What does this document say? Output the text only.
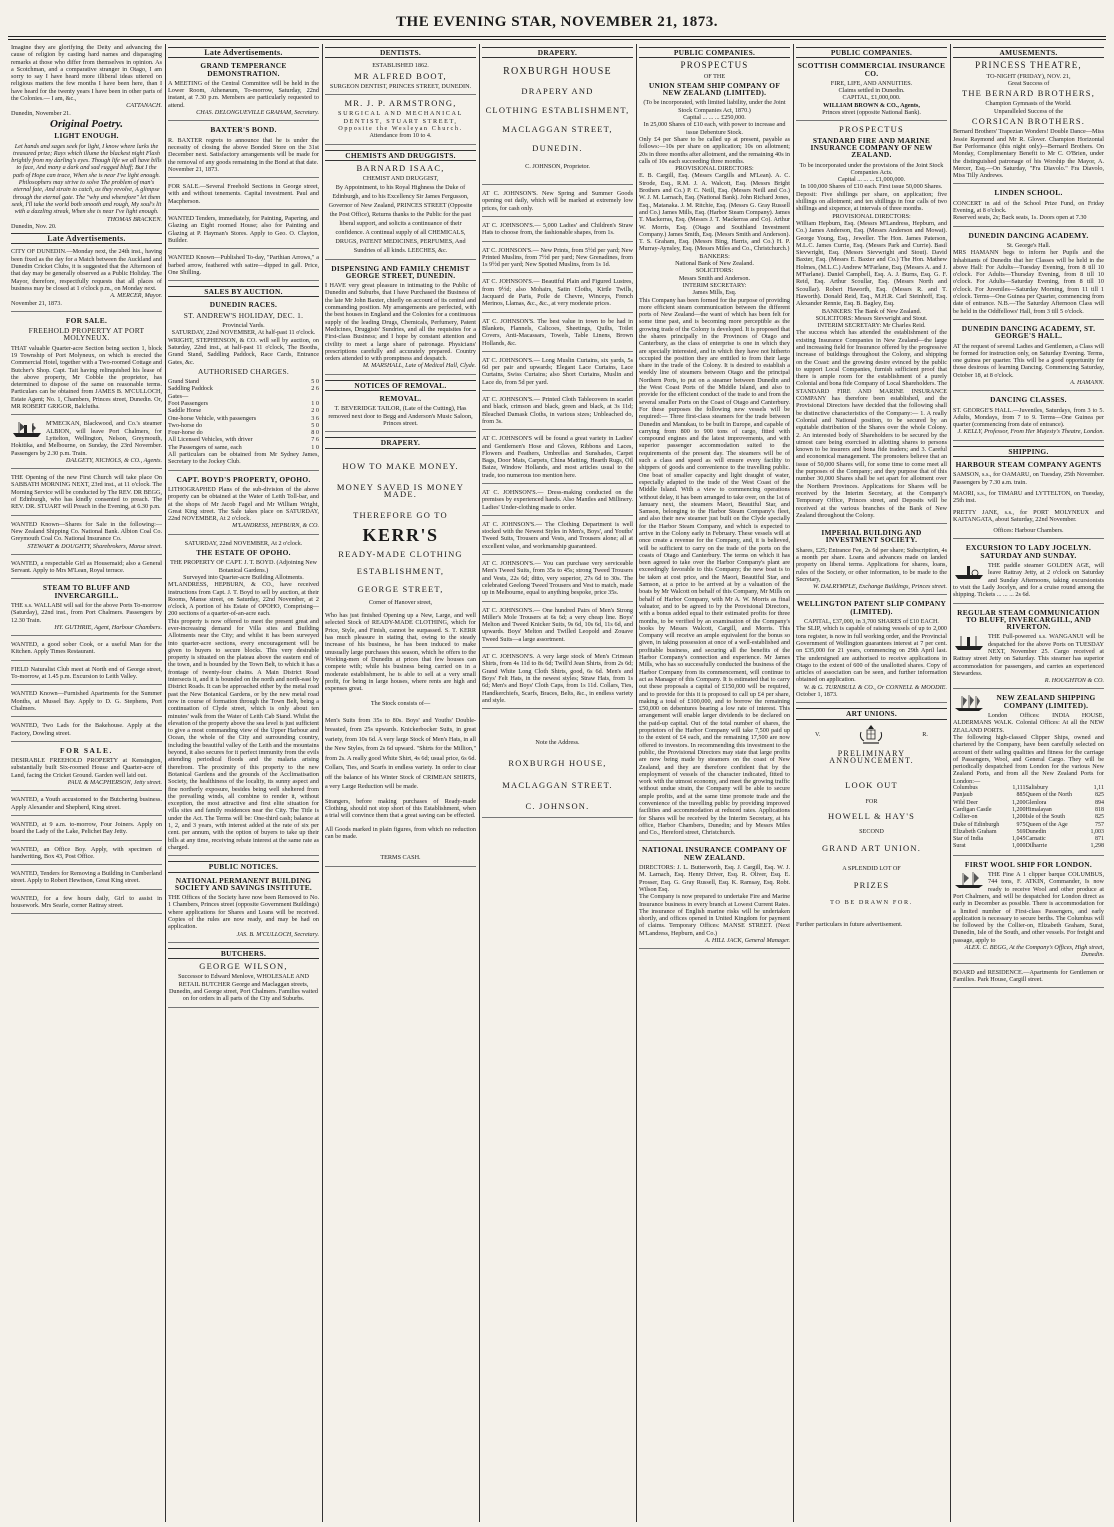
THE EVENING STAR, NOVEMBER 21, 1873.

Imagine they are glorifying the Deity and advancing the cause of religion by casting hard names and disparaging remarks at those who differ from themselves in opinion. As a Scotchman, and a comparative stranger in Otago, I am sorry to say I have heard more illiberal ideas uttered on religious matters the few months I have been here, than I have heard for the twenty years I have been in other parts of the Colonies.— I am, &c.,

CATTANACH.

Dunedin, November 21.

Original Poetry.
LIGHT ENOUGH.

Let hands and sages seek for light, I know where lurks the treasured prize; Rays which illume the blackest night Flash brightly from my darling's eyes. Though life we all have bills to face, And many a dark and sad rugged bluff; But I the path of Hope can trace, When she is near I've light enough. Philosophers may strive to solve The problem of man's eternal fate, And strain to catch, as they revolve, A glimpse through the eternal gate. The "why and wherefore" let them seek, I'll take the world both smooth and rough, My soul's lit with a dazzling streak, When she is near I've light enough.

THOMAS BRACKEN.

Dunedin, Nov. 20.

Late Advertisements.

CITY OF DUNEDIN.—Monday next, the 24th inst., having been fixed as the day for a Match between the Auckland and Dunedin Cricket Clubs, it is suggested that the Afternoon of that day may be generally observed as a Public Holiday. The Mayor, therefore, respectfully requests that all places of business may be closed at 1 o'clock p.m., on Monday next.

A. MERCER, Mayor.

November 21, 1873.

FOR SALE.
FREEHOLD PROPERTY AT PORT MOLYNEUX.

THAT valuable Quarter-acre Section being section 1, block 19 Township of Port Molyneux, on which is erected the Commercial Hotel, together with a Two-roomed Cottage and Butcher's Shop. Capt. Tait having relinquished his lease of the above property, Mr Cobble the proprietor, has determined to dispose of the same on reasonable terms. Particulars can be obtained from JAMES B. M'CULLOCH, Estate Agent; No. 1, Chambers, Princes street, Dunedin. Or, MR ROBERT GRIGOR, Balclutha.

M'MECKAN, Blackwood, and Co.'s steamer ALBION, will leave Port Chalmers, for Lyttelton, Wellington, Nelson, Greymouth, Hokitika, and Melbourne, on Sunday, the 23rd November. Passengers by 2.30 p.m. Train.

DALGETY, NICHOLS, & CO., Agents.

THE Opening of the new First Church will take place On SABBATH MORNING NEXT, 23rd inst., at 11 o'clock. The Morning Service will be conducted by The REV. DR BEGG, of Edinburgh, who has kindly consented to preach. The REV. DR. STUART will Preach in the Evening, at 6.30 p.m.

WANTED Known—Shares for Sale in the following:— New Zealand Shipping Co. National Bank. Albion Coal Co. Greymouth Coal Co. National Insurance Co.

STEWART & DOUGHTY, Sharebrokers, Manse street.

WANTED, a respectable Girl as Housemaid; also a General Servant. Apply to Mrs M'Lean, Royal terrace.

STEAM TO BLUFF AND INVERCARGILL.

THE s.s. WALLABI will sail for the above Ports To-morrow (Saturday), 22nd inst., from Port Chalmers. Passengers by 12.30 Train.

HY. GUTHRIE, Agent, Harbour Chambers.

WANTED, a good sober Cook, or a useful Man for the Kitchen. Apply Times Restaurant.

FIELD Naturalist Club meet at North end of George street, To-morrow, at 1.45 p.m. Excursion to Leith Valley.

WANTED Known—Furnished Apartments for the Summer Months, at Mussel Bay. Apply to D. G. Stephens, Port Chalmers.

WANTED, Two Lads for the Bakehouse. Apply at the Factory, Dowling street.

FOR SALE.

DESIRABLE FREEHOLD PROPERTY at Kensington, substantially built Six-roomed House and Quarter-acre of Land, facing the Cricket Ground. Garden well laid out.

PAUL & MACPHERSON, Jetty street.

WANTED, a Youth accustomed to the Butchering business. Apply Alexander and Shepherd, King street.

WANTED, at 9 a.m. to-morrow, Four Joiners. Apply on board the Lady of the Lake, Pelichet Bay Jetty.

WANTED, an Office Boy. Apply, with specimen of handwriting, Box 43, Post Office.

WANTED, Tenders for Removing a Building in Cumberland street. Apply to Robert Hewitson, Great King street.

WANTED, for a few hours daily, Girl to assist in housework. Mrs Searle, corner Rattray street.

Late Advertisements.
GRAND TEMPERANCE DEMONSTRATION.

A MEETING of the Central Committee will be held in the Lower Room, Athenæum, To-morrow, Saturday, 22nd instant, at 7.30 p.m. Members are particularly requested to attend.

CHAS. DELONGUEVILLE GRAHAM, Secretary.

BAXTER'S BOND.

R. BAXTER regrets to announce that he is under the necessity of closing the above Bonded Store on the 31st December next. Satisfactory arrangements will be made for the removal of any goods remaining in the Bond at that date.

November 21, 1873.

FOR SALE.—Several Freehold Sections in George street, with and without tenements. Capital investment. Paul and Macpherson.

WANTED Tenders, immediately, for Painting, Papering, and Glazing an Eight roomed House; also for Painting and Glazing at P. Hayman's Stores. Apply to Geo. O. Clayton, Builder.

WANTED Known—Published To-day, "Parthian Arrows," a barbed arrow, feathered with satire—dipped in gall. Price, One Shilling.

SALES BY AUCTION.
DUNEDIN RACES.
ST. ANDREW'S HOLIDAY, DEC. 1.

Provincial Yards.

SATURDAY, 22nd NOVEMBER, At half-past 11 o'clock.

WRIGHT, STEPHENSON, & CO. will sell by auction, on Saturday, 22nd inst., at half-past 11 o'clock, The Booths, Grand Stand, Saddling Paddock, Race Cards, Entrance Gates, &c.

AUTHORISED CHARGES.
Grand Stand	5 0
Saddling Paddock	2 6
Gates—
Foot Passengers	1 0
Saddle Horse	2 0
One-horse Vehicle, with passengers	3 6
Two-horse do	5 0
Four-horse do	8 0
All Licensed Vehicles, with driver	7 6
The Passengers of same, each	1 0

All particulars can be obtained from Mr Sydney James, Secretary to the Jockey Club.

CAPT. BOYD'S PROPERTY, OPOHO.

LITHOGRAPHED Plans of the sub-division of the above property can be obtained at the Water of Leith Toll-bar, and at the shops of Mr Jacob Fagel and Mr William Wright, Great King street. The Sale takes place on SATURDAY, 22nd NOVEMBER, At 2 o'clock.

M'LANDRESS, HEPBURN, & CO.

SATURDAY, 22nd NOVEMBER, At 2 o'clock.

THE ESTATE OF OPOHO.

THE PROPERTY OF CAPT. J. T. BOYD. (Adjoining New Botanical Gardens.)

Surveyed into Quarter-acre Building Allotments.

M'LANDRESS, HEPBURN, & CO., have received instructions from Capt. J. T. Boyd to sell by auction, at their Rooms, Manse street, on Saturday, 22nd November, at 2 o'clock, A portion of his Estate of OPOHO, Comprising— 200 sections of a quarter-of-an-acre each.

This property is now offered to meet the present great and ever-increasing demand for Villa sites and Building Allotments near the City; and whilst it has been surveyed into quarter-acre sections, every encouragement will be given to buyers to secure blocks. This very desirable property is situated on the plateau above the eastern end of the town, and is bounded by the Town Belt, to which it has a frontage of twenty-four chains. A Main District Road intersects it, and it is bounded on the north and north-east by District Roads. It can be approached either by the metal road past the New Botanical Gardens, or by the new metal road now in course of formation through the Town Belt, being a continuation of Clyde street, which is only about ten minutes' walk from the Water of Leith Cab Stand. Whilst the elevation of the property above the sea level is just sufficient to give a most commanding view of the Upper Harbour and Ocean, the whole of the City and surrounding country, including the beautiful valley of the Leith and the mountains beyond, it also secures for it perfect immunity from the evils attending periodical floods and the malaria arising therefrom. The proximity of this property to the new Botanical Gardens and the grounds of the Acclimatisation Society, the healthiness of the locality, its sunny aspect and fine northerly exposure, besides being well sheltered from the prevailing winds, all combine to render it, without exception, the most attractive and first elite situation for villa sites and family residences near the City. The Title is under the Act. The Terms will be: One-third cash; balance at 1, 2, and 3 years, with interest added at the rate of six per cent. per annum, with the option of buyers to take up their bills at any time, receiving rebate interest at the same rate as charged.

PUBLIC NOTICES.
NATIONAL PERMANENT BUILDING SOCIETY AND SAVINGS INSTITUTE.

THE Offices of the Society have now been Removed to No. 1 Chambers, Princes street (opposite Government Buildings) where applications for Shares and Loans will be received. Copies of the rules are now ready, and may be had on application.

JAS. B. M'CULLOCH, Secretary.

BUTCHERS.
GEORGE WILSON,

Successor to Edward Menlove, WHOLESALE AND RETAIL BUTCHER George and Maclaggan streets, Dunedin, and George street, Port Chalmers. Families waited on for orders in all parts of the City and Suburbs.

DENTISTS.

ESTABLISHED 1862.

MR ALFRED BOOT,

SURGEON DENTIST, PRINCES STREET, DUNEDIN.

MR. J. P. ARMSTRONG,

SURGICAL AND MECHANICAL DENTIST, STUART STREET, Opposite the Wesleyan Church.

Attendance from 10 to 4.

CHEMISTS AND DRUGGISTS.
BARNARD ISAAC,

CHEMIST AND DRUGGIST,

By Appointment, to his Royal Highness the Duke of Edinburgh, and to his Excellency Sir James Fergusson, Governor of New Zealand, PRINCES STREET (Opposite the Post Office), Returns thanks to the Public for the past liberal support, and solicits a continuance of their confidence. A continual supply of all CHEMICALS, DRUGS, PATENT MEDICINES, PERFUMES, And Sundries of all kinds. LEECHES, &c.

DISPENSING AND FAMILY CHEMIST GEORGE STREET, DUNEDIN.

I HAVE very great pleasure in intimating to the Public of Dunedin and Suburbs, that I have Purchased the Business of the late Mr John Baxter, chiefly on account of its central and commanding position. My arrangements are perfected, with the best houses in England and the Colonies for a continuous supply of the leading Drugs, Chemicals, Perfumery, Patent Medicines, Druggists' Sundries, and all the requisites for a First-class Business; and I hope by constant attention and civility to meet a large share of patronage. Physicians' prescriptions carefully and accurately prepared. Country orders attended to with promptness and despatch.

M. MARSHALL, Late of Medical Hall, Clyde.

NOTICES OF REMOVAL.
REMOVAL.

T. BEVERIDGE TAILOR, (Late of the Cutting), Has removed next door to Begg and Anderson's Music Saloon, Princes street.

DRAPERY.
HOW TO MAKE MONEY.
MONEY SAVED IS MONEY MADE.
THEREFORE GO TO
KERR'S
READY-MADE CLOTHING
ESTABLISHMENT,
GEORGE STREET,

Corner of Hanover street,

Who has just finished Opening up a New, Large, and well selected Stock of READY-MADE CLOTHING, which for Price, Style, and Finish, cannot be surpassed. S. T. KERR has much pleasure in stating that, owing to the steady increase of his business, he has been induced to make unusually large purchases this season, which he offers to the Working-men of Dunedin at prices that few houses can compete with; while his business being carried on in a moderate establishment, he is able to sell at a very small profit, for being in large houses, where rents are high and expenses great.

The Stock consists of—

Men's Suits from 35s to 80s. Boys' and Youths' Double-breasted, from 25s upwards. Knickerbocker Suits, in great variety, from 10s 6d. A very large Stock of Men's Hats, in all the New Styles, from 2s 6d upward. "Shirts for the Million," from 2s. A really good White Shirt, 4s 6d; usual price, 6s 6d. Collars, Ties, and Scarfs in endless variety. In order to clear off the balance of his Winter Stock of CRIMEAN SHIRTS, a very Large Reduction will be made.

Strangers, before making purchases of Ready-made Clothing, should not stop short of this Establishment, when a trial will convince them that a great saving can be effected.

All Goods marked in plain figures, from which no reduction can be made.

TERMS CASH.

DRAPERY.
ROXBURGH HOUSE
DRAPERY AND
CLOTHING ESTABLISHMENT,
MACLAGGAN STREET,
DUNEDIN.

C. JOHNSON, Proprietor.

AT C. JOHNSON'S. New Spring and Summer Goods opening out daily, which will be marked at extremely low prices, for cash only.

AT C. JOHNSON'S.— 5,000 Ladies' and Children's Straw Hats to choose from, the fashionable shapes, from 1s.

AT C. JOHNSON'S.— New Prints, from 5½d per yard; New Printed Muslins, from 7½d per yard; New Grenadines, from 1s 9½d per yard; New Spotted Muslins, from 1s 1d.

AT C. JOHNSON'S.— Beautiful Plain and Figured Lustres, from 9½d; also Mohairs, Satin Cloths, Kirtle Twills, Jacquard de Paris, Poile de Chevre, Winceys, French Merinos, Llamas, &c., &c., at very moderate prices.

AT C. JOHNSON'S. The best value in town to be had in Blankets, Flannels, Calicoes, Sheetings, Quilts, Toilet Covers, Anti-Macassars, Towels, Table Linens, Brown Hollands, &c.

AT C. JOHNSON'S.— Long Muslin Curtains, six yards, 5s 6d per pair and upwards; Elegant Lace Curtains, Lace Curtains, Swiss Curtains; also Short Curtains, Muslin and Lace do, from 5d per yard.

AT C. JOHNSON'S.— Printed Cloth Tablecovers in scarlet and black, crimson and black, green and black, at 3s 11d; Bleached Damask Cloths, in various sizes; Unbleached do, from 3s.

AT C. JOHNSON'S will be found a great variety in Ladies' and Gentlemen's Hose and Gloves, Ribbons and Laces, Flowers and Feathers, Umbrellas and Sunshades, Carpet Bags, Door Mats, Carpets, China Matting, Hearth Rugs, Oil Baize, Window Hollands, and most articles usual to the trade, too numerous too mention here.

AT C. JOHNSON'S.— Dress-making conducted on the premises by experienced hands. Also Mantles and Millinery. Ladies' Under-clothing made to order.

AT C. JOHNSON'S.— The Clothing Department is well stocked with the Newest Styles in Men's, Boys', and Youths' Tweed Suits, Trousers and Vests, and Trousers alone; all at excellent value, and workmanship guaranteed.

AT C. JOHNSON'S.— You can purchase very serviceable Men's Tweed Suits, from 35s to 45s; strong Tweed Trousers and Vests, 22s 6d; ditto, very superior, 27s 6d to 30s. The celebrated Geelong Tweed Trousers and Vest to match, made up in Melbourne, equal to anything bespoke, price 35s.

AT C. JOHNSON'S.— One hundred Pairs of Men's Strong Miller's Mole Trousers at 6s 6d; a very cheap line. Boys' Melton and Tweed Knicker Suits, 9s 6d, 10s 6d, 11s 6d, and upwards. Boys' Melton and Twilled Leopold and Zouave Tweed Suits—a large assortment.

AT C. JOHNSON'S. A very large stock of Men's Crimean Shirts, from 4s 11d to 8s 6d; Twill'd Jean Shirts, from 2s 6d; Grand White Long Cloth Shirts, good, 6s 6d. Men's and Boys' Felt Hats, in the newest styles; Straw Hats, from 1s 6d; Men's and Boys' Cloth Caps, from 1s 11d. Collars, Ties, Handkerchiefs, Scarfs, Braces, Belts, &c., in endless variety and style.

Note the Address.

ROXBURGH HOUSE,
MACLAGGAN STREET.
C. JOHNSON.
PUBLIC COMPANIES.
PROSPECTUS

OF THE

UNION STEAM SHIP COMPANY OF NEW ZEALAND (LIMITED).

(To be incorporated, with limited liability, under the Joint Stock Companies Act, 1870.)

Capital ... ... ... £250,000.

In 25,000 Shares of £10 each, with power to increase and issue Debenture Stock.

Only £4 per Share to be called up at present, payable as follows:—10s per share on application; 10s on allotment; 20s in three months after allotment, and the remaining 40s in calls of 10s each succeeding three months.

PROVISIONAL DIRECTORS:

E. B. Cargill, Esq. (Messrs Cargills and M'Lean). A. C. Strode, Esq., R.M. J. A. Walcott, Esq. (Messrs Bright Brothers and Co.) P. C. Neill, Esq. (Messrs Neill and Co.) W. J. M. Larnach, Esq. (National Bank). John Richard Jones, Esq., Matanaka. J. M. Ritchie, Esq. (Messrs G. Gray Russell and Co.) James Mills, Esq. (Harbor Steam Company). James T. Mackerras, Esq. (Messrs J. T. Mackerras and Co). Arthur W. Morris, Esq. (Otago and Southland Investment Company.) James Smith, Esq. (Messrs Smith and Anderson). T. S. Graham, Esq. (Messrs Bing, Harris, and Co.) H. P. Murray-Aynsley, Esq. (Messrs Miles and Co., Christchurch.)

BANKERS:

National Bank of New Zealand.

SOLICITORS:

Messrs Smith and Anderson.

INTERIM SECRETARY:

James Mills, Esq.

This Company has been formed for the purpose of providing more efficient steam communication between the different ports of New Zealand—the want of which has been felt for some time past, and is becoming more perceptible as the growing trade of the Colony is developed. It is proposed that the shares principally in the Provinces of Otago and Canterbury, as the class of enterprise is one in which they are specially interested, and in which they have not hitherto occupied the position they are entitled to from their large share in the trade of the Colony. It is desired to establish a weekly line of steamers between Otago and the principal Northern Ports, to put on a steamer between Dunedin and the West Coast Ports of the Middle Island, and also to provide for the efficient conduct of the trade to and from the several smaller Ports on the Coast of Otago and Canterbury. For these purposes the following new vessels will be required:— Three first-class steamers for the trade between Dunedin and Manukau, to be built in Europe, and capable of carrying from 800 to 900 tons of cargo, fitted with compound engines and the latest improvements, and with superior passenger accommodation suited to the requirements of the present day. The steamers will be of such a class and speed as will ensure every facility to shippers of goods and convenience to the travelling public. One boat of smaller capacity and light draught of water, especially adapted to the trade of the West Coast of the Middle Island. With a view to commencing operations without delay, it has been arranged to take over, on the 1st of January next, the steamers Maori, Beautiful Star, and Samson, belonging to the Harbor Steam Company's fleet, and also their new steamer just built on the Clyde specially for the Harbor Steam Company, and which is expected to arrive in the Colony early in February. These vessels will at once create a revenue for the Company, and, it is believed, will be sufficient to carry on the trade of the ports on the coasts of Otago and Canterbury. The terms on which it has been agreed to take over the Harbor Company's plant are exceedingly favorable to this Company; the new boat is to be taken at cost price, and the Maori, Beautiful Star, and Samson, at a price to be arrived at by a valuation of the boats by Mr Walcott on behalf of this Company, Mr Mills on behalf of Harbor Company, with Mr A. W. Morris as final valuator, and to be agreed to by the Provisional Directors, with a bonus added equal to their estimated profits for three months, to be verified by an examination of the Company's books by Messrs Walcott, Cargill, and Morris. This Company will receive an ample equivalent for the bonus so given, in taking possession at once of a well-established and profitable business, and securing all the benefits of the Harbor Company's connection and experience. Mr James Mills, who has so successfully conducted the business of the Harbor Company from its commencement, will continue to act as Manager of this Company. It is estimated that to carry out these proposals a capital of £150,000 will be required, and to provide for this it is proposed to call up £4 per share, making a total of £100,000, and to borrow the remaining £50,000 on debentures bearing a low rate of interest. This arrangement will enable larger dividends to be declared on the paid-up capital. Out of the total number of shares, the proprietors of the Harbor Company will take 7,500 paid up to the extent of £4 each, and the remaining 17,500 are now offered to investors. In recommending this investment to the public, the Provisional Directors may state that large profits are now being made by steamers on the coast of New Zealand, and they are therefore confident that by the employment of vessels of the character indicated, fitted to work with the utmost economy, and meet the growing traffic without undue strain, the Company will be able to secure ample profits, and at the same time promote trade and the convenience of the travelling public by providing improved facilities and accommodation at reduced rates. Applications for Shares will be received by the Interim Secretary, at his office, Harbor Chambers, Dunedin; and by Messrs Miles and Co., Hereford street, Christchurch.

NATIONAL INSURANCE COMPANY OF NEW ZEALAND.

DIRECTORS: J. L. Butterworth, Esq. J. Cargill, Esq. W. J. M. Larnach, Esq. Henry Driver, Esq. R. Oliver, Esq. E. Prosser, Esq. G. Gray Russell, Esq. K. Ramsay, Esq. Robt. Wilson Esq.

The Company is now prepared to undertake Fire and Marine Insurance business in every branch at Lowest Current Rates. The insurance of English marine risks will be undertaken shortly, and offices opened in United Kingdom for payment of claims. Temporary Offices: MANSE STREET. (Next M'Landress, Hepburn, and Co.)

A. HILL JACK, General Manager.

PUBLIC COMPANIES.
SCOTTISH COMMERCIAL INSURANCE CO.

FIRE, LIFE, AND ANNUITIES.

Claims settled in Dunedin.

CAPITAL, £1,000,000.

WILLIAM BROWN & CO., Agents,

Princes street (opposite National Bank).

PROSPECTUS
STANDARD FIRE AND MARINE INSURANCE COMPANY OF NEW ZEALAND.

To be incorporated under the provisions of the Joint Stock Companies Acts.

Capital ... ... ... £1,000,000.

In 100,000 Shares of £10 each. First issue 50,000 Shares.

Deposit: Five shillings per share, on application; five shillings on allotment; and ten shillings in four calls of two shillings and sixpence, at intervals of three months.

PROVISIONAL DIRECTORS:

William Hepburn, Esq. (Messrs M'Landress, Hepburn, and Co.) James Anderson, Esq. (Messrs Anderson and Mowat). George Young, Esq., Jeweller. The Hon. James Paterson, M.L.C. James Currie, Esq. (Messrs Park and Currie). Basil Sievwright, Esq. (Messrs Sievwright and Stout). David Baxter, Esq. (Messrs E. Baxter and Co.) The Hon. Mathew Holmes, (M.L.C.) Andrew M'Farlane, Esq. (Messrs A. and J. M'Farlane). Daniel Campbell, Esq. A. J. Burns, Esq. G. F. Reid, Esq. Arthur Scoullar, Esq. (Messrs North and Scoullar). Robert Haworth, Esq. (Messrs R. and T. Haworth). Donald Reid, Esq., M.H.R. Carl Steinhoff, Esq. Alexander Rennie, Esq. B. Bagley, Esq.

BANKERS: The Bank of New Zealand.

SOLICITORS: Messrs Sievwright and Stout.

INTERIM SECRETARY: Mr Charles Reid.

The success which has attended the establishment of the existing Insurance Companies in New Zealand—the large and increasing field for Insurance offered by the progressive increase of buildings throughout the Colony, and shipping on the Coast: and the growing desire evinced by the public to support Local Companies, furnish sufficient proof that there is ample room for the establishment of a purely Colonial and bona fide Company of Local Shareholders. The STANDARD FIRE AND MARINE INSURANCE COMPANY has therefore been established, and the Provisional Directors have decided that the following shall be distinctive characteristics of the Company:— 1. A really Colonial and National position, to be secured by an equitable distribution of the Shares over the whole Colony. 2. An interested body of Shareholders to be secured by the utmost care being exercised in allotting shares to persons known to be insurers and bona fide traders; and 3. Careful and economical management. The promoters believe that an issue of 50,000 Shares will, for some time to come meet all the purposes of the Company; and they purpose that of this number 30,000 Shares shall be set apart for allotment over the Northern Provinces. Applications for Shares will be received by the Interim Secretary, at the Company's Temporary Office, Princes street, and Deposits will be received at the various branches of the Bank of New Zealand throughout the Colony.

IMPERIAL BUILDING AND INVESTMENT SOCIETY.

Shares, £25; Entrance Fee, 2s 6d per share; Subscription, 4s a month per share. Loans and advances made on landed property on liberal terms. Applications for shares, loans, rules of the Society, or other information, to be made to the Secretary,

W. DALRYMPLE, Exchange Buildings, Princes street.

WELLINGTON PATENT SLIP COMPANY (LIMITED).

CAPITAL, £37,000, in 3,700 SHARES of £10 EACH.

The SLIP, which is capable of raising vessels of up to 2,000 tons register, is now in full working order, and the Provincial Government of Wellington guarantees interest at 7 per cent. on £35,000 for 21 years, commencing on 29th April last. The undersigned are authorised to receive applications in Otago to the extent of 600 of the unallotted shares. Copy of articles of association can be seen, and further information obtained on application.

W. & G. TURNBULL & CO., Or CONNELL & MOODIE.

October 1, 1873.

ART UNIONS.
V.	R.
PRELIMINARY ANNOUNCEMENT.
LOOK OUT

FOR

HOWELL & HAY'S

SECOND

GRAND ART UNION.

A SPLENDID LOT OF

PRIZES

TO BE DRAWN FOR.

Further particulars in future advertisement.

AMUSEMENTS.
PRINCESS THEATRE,

TO-NIGHT (FRIDAY), NOV. 21,

Great Success of

THE BERNARD BROTHERS,

Champion Gymnasts of the World.

Unparalleled Success of the

CORSICAN BROTHERS.

Bernard Brothers' Trapezian Wonders! Double Dance—Miss Jessie Raymond and Mr R. Glover. Champion Horizontal Bar Performance (this night only)—Bernard Brothers. On Monday, Complimentary Benefit to Mr C. O'Brien, under the distinguished patronage of his Worship the Mayor, A. Mercer, Esq.—On Saturday, "Fra Diavolo." Fra Diavolo, Miss Tilly Andrews.

LINDEN SCHOOL.

CONCERT in aid of the School Prize Fund, on Friday Evening, at 8 o'clock.

Reserved seats, 2s; Back seats, 1s. Doors open at 7.30

DUNEDIN DANCING ACADEMY.

St. George's Hall.

MRS HAMANN begs to inform her Pupils and the Inhabitants of Dunedin that her Classes will be held in the above Hall: For Adults—Tuesday Evening, from 8 till 10 o'clock. For Adults—Thursday Evening, from 8 till 10 o'clock. For Adults—Saturday Evening, from 8 till 10 o'clock. For Juveniles—Saturday Morning, from 11 till 1 o'clock. Terms—One Guinea per Quarter, commencing from date of entrance. N.B.—The Saturday Afternoon Class will be held in the Oddfellows' Hall, from 3 till 5 o'clock.

DUNEDIN DANCING ACADEMY, ST. GEORGE'S HALL.

AT the request of several Ladies and Gentlemen, a Class will be formed for instruction only, on Saturday Evening. Terms, one guinea per quarter. This will be a good opportunity for those desirous of learning Dancing. Commencing Saturday, October 18, at 8 o'clock.

A. HAMANN.

DANCING CLASSES.

ST. GEORGE'S HALL.—Juveniles, Saturdays, from 3 to 5. Adults, Mondays, from 7 to 9. Terms—One Guinea per quarter (commencing from date of entrance).

J. KELLY, Professor, From Her Majesty's Theatre, London.

SHIPPING.
HARBOUR STEAM COMPANY AGENTS

SAMSON, s.s., for OAMARU, on Tuesday, 25th November. Passengers by 7.30 a.m. train.

MAORI, s.s., for TIMARU and LYTTELTON, on Tuesday, 25th inst.

PRETTY JANE, s.s., for PORT MOLYNEUX and KAITANGATA, about Saturday, 22nd November.

Offices: Harbour Chambers.

EXCURSION TO LADY JOCELYN. SATURDAY AND SUNDAY.

THE paddle steamer GOLDEN AGE, will leave Rattray Jetty, at 2 o'clock on Saturday and Sunday Afternoons, taking excursionists to visit the Lady Jocelyn, and for a cruise round among the shipping. Tickets ... ... ... 2s 6d.

REGULAR STEAM COMMUNICATION TO BLUFF, INVERCARGILL, AND RIVERTON.

THE Full-powered s.s. WANGANUI will be despatched for the above Ports on TUESDAY NEXT, November 25. Cargo received at Rattray street Jetty on Saturday. This steamer has superior accommodation for passengers, and carries an experienced Stewardess.

R. HOUGHTON & CO.

NEW ZEALAND SHIPPING COMPANY (LIMITED).

London Offices: INDIA HOUSE, ALDERMANS WALK. Colonial Offices: At all the NEW ZEALAND PORTS.

The following high-classed Clipper Ships, owned and chartered by the Company, have been carefully selected on account of their sailing qualities and fitness for the carriage of Passengers, Wool, and General Cargo. They will be periodically despatched from London for the various New Zealand Ports, and from all the New Zealand Ports for London:—

Columbus	1,111 Salisbury	1,11
Punjaub	885 Queen of the North	825
Wild Deer	1,200 Glenlora	894
Cardigan Castle	1,200 Himalayan	818
Collier-on	1,200 Isle of the South	825
Duke of Edinburgh	975 Queen of the Age	757
Elizabeth Graham	569 Dunedin	1,003
Star of India	1,045 Carnatic	871
Surat	1,000 Dilharrie	1,298
FIRST WOOL SHIP FOR LONDON.

THE Fine A 1 clipper barque COLUMBUS, 744 tons, F. ATKIN, Commander, Is now ready to receive Wool and other produce at Port Chalmers, and will be despatched for London direct as early in December as possible. There is accommodation for a limited number of First-class Passengers, and early application is necessary to secure berths. The Columbus will be followed by the Collier-on, Elizabeth Graham, Surat, Dunedin, Isle of the South, and other vessels. For freight and passage, apply to

ALEX. C. BEGG, At the Company's Offices, High street, Dunedin.

BOARD and RESIDENCE.—Apartments for Gentlemen or Families. Park House, Cargill street.
